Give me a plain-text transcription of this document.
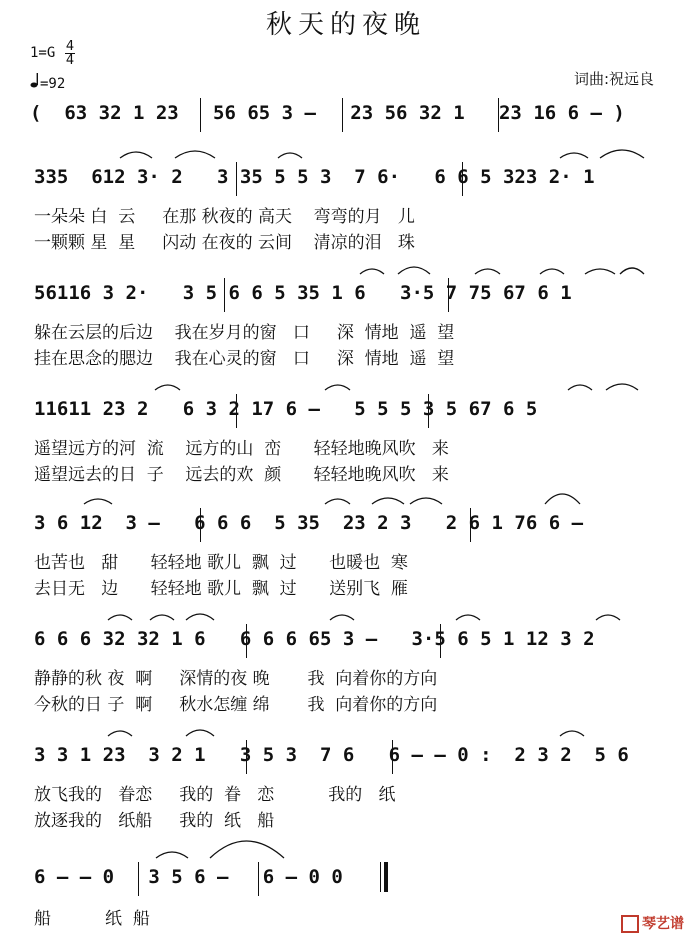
秋天的夜晚
1=G 4
4
=92	词曲:祝远良
(  63 32 1 23   56 65 3 –   23 56 32 1   23 16 6 – )
335  612 3· 2   3 35 5 5 3  7 6·   6 6 5 323 2· 1
一朵朵 白  云     在那 秋夜的 高天    弯弯的月   儿
一颗颗 星  星     闪动 在夜的 云间    清凉的泪   珠
56116 3 2·   3 5 6 6 5 35 1 6   3·5 7 75 67 6 1
躲在云层的后边    我在岁月的窗   口     深  情地  遥  望
挂在思念的腮边    我在心灵的窗   口     深  情地  遥  望
11611 23 2   6 3 2 17 6 –   5 5 5 3 5 67 6 5
遥望远方的河  流    远方的山  峦      轻轻地晚风吹   来
遥望远去的日  子    远去的欢  颜      轻轻地晚风吹   来
3 6 12  3 –   6 6 6  5 35  23 2 3   2 6 1 76 6 –
也苦也   甜      轻轻地 歌儿  飘  过      也暖也  寒
去日无   边      轻轻地 歌儿  飘  过      送别飞  雁
6 6 6 32 32 1 6   6 6 6 65 3 –   3·5 6 5 1 12 3 2
静静的秋 夜  啊     深情的夜 晚       我  向着你的方向
今秋的日 子  啊     秋水怎缠 绵       我  向着你的方向
3 3 1 23  3 2 1   3 5 3  7 6   6 – – 0 :  2 3 2  5 6
放飞我的   眷恋     我的  眷   恋          我的   纸
放逐我的   纸船     我的  纸   船
6 – – 0   3 5 6 –   6 – 0 0
船          纸  船	琴艺谱
